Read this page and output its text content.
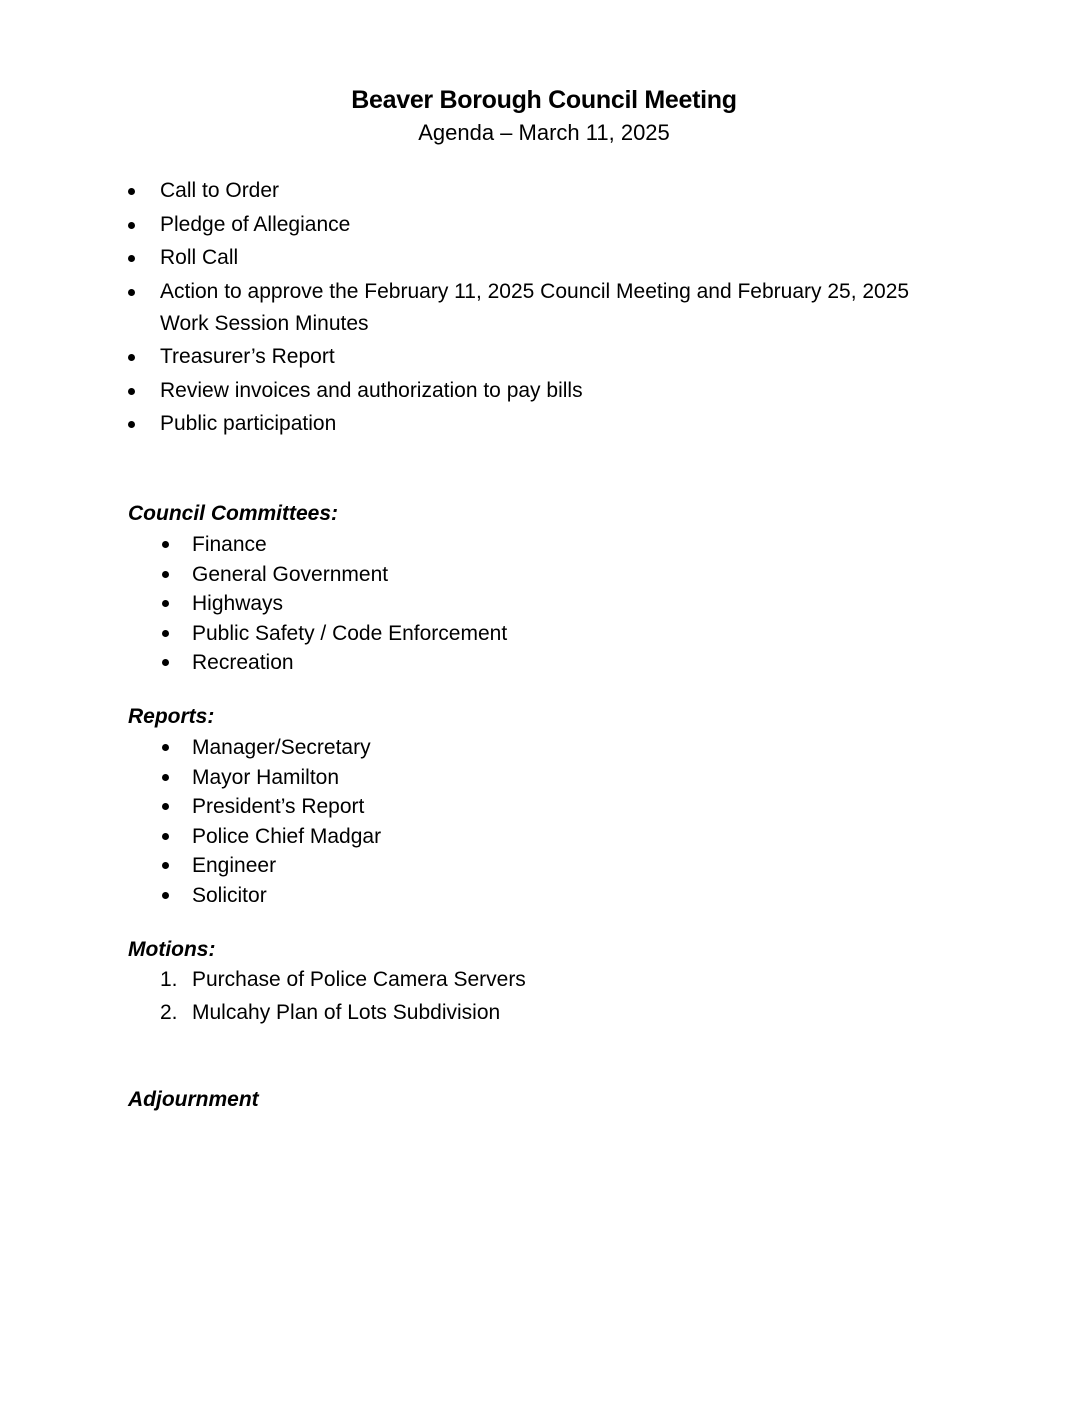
Beaver Borough Council Meeting
Agenda – March 11, 2025
Call to Order
Pledge of Allegiance
Roll Call
Action to approve the February 11, 2025 Council Meeting and February 25, 2025 Work Session Minutes
Treasurer’s Report
Review invoices and authorization to pay bills
Public participation
Council Committees:
Finance
General Government
Highways
Public Safety / Code Enforcement
Recreation
Reports:
Manager/Secretary
Mayor Hamilton
President’s Report
Police Chief Madgar
Engineer
Solicitor
Motions:
1. Purchase of Police Camera Servers
2. Mulcahy Plan of Lots Subdivision
Adjournment
